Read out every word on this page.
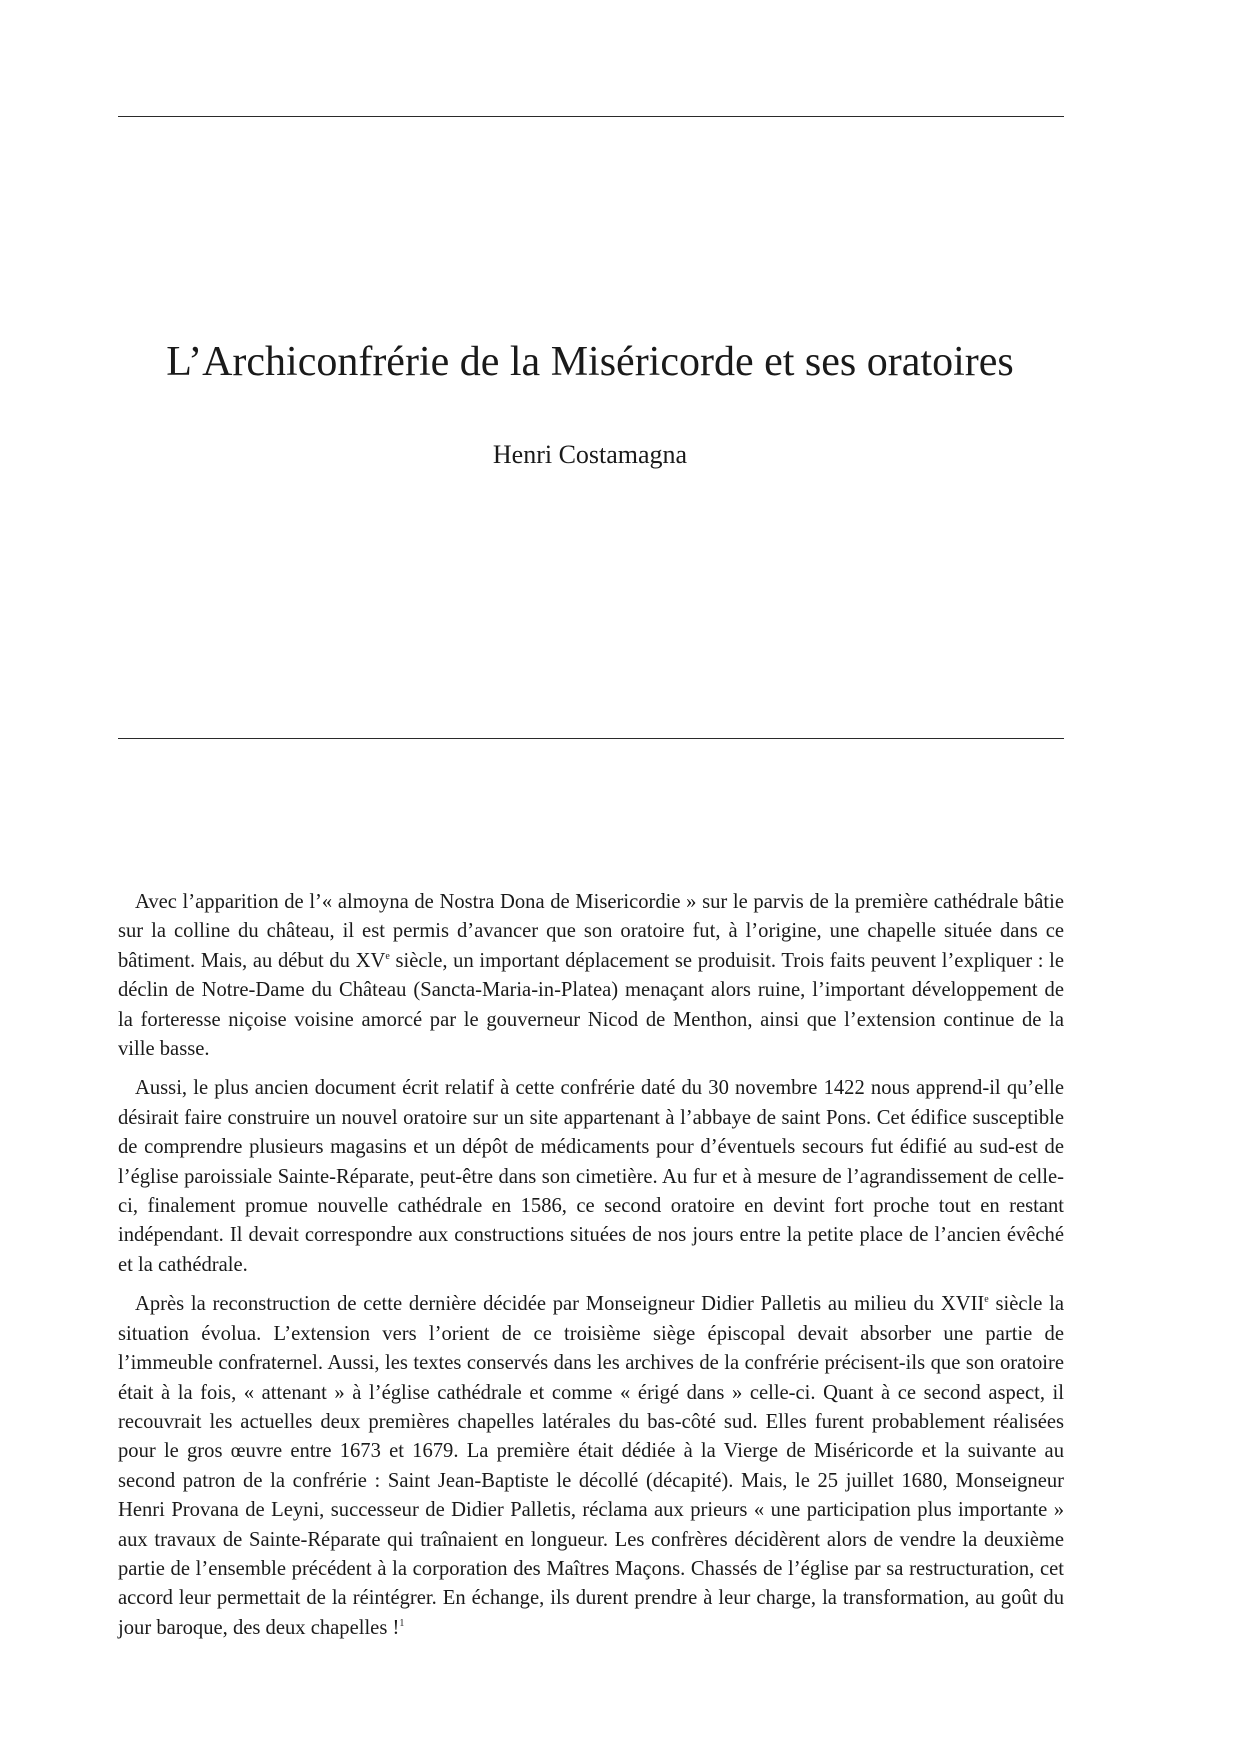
L’Archiconfrérie de la Miséricorde et ses oratoires
Henri Costamagna

Avec l’apparition de l’« almoyna de Nostra Dona de Misericordie » sur le parvis de la première cathédrale bâtie sur la colline du château, il est permis d’avancer que son oratoire fut, à l’origine, une chapelle située dans ce bâtiment. Mais, au début du XVe siècle, un important déplacement se produisit. Trois faits peuvent l’expliquer : le déclin de Notre-Dame du Château (Sancta-Maria-in-Platea) menaçant alors ruine, l’important développement de la forteresse niçoise voisine amorcé par le gouverneur Nicod de Menthon, ainsi que l’extension continue de la ville basse.

Aussi, le plus ancien document écrit relatif à cette confrérie daté du 30 novembre 1422 nous apprend-il qu’elle désirait faire construire un nouvel oratoire sur un site appartenant à l’abbaye de saint Pons. Cet édifice susceptible de comprendre plusieurs magasins et un dépôt de médicaments pour d’éventuels secours fut édifié au sud-est de l’église paroissiale Sainte-Réparate, peut-être dans son cimetière. Au fur et à mesure de l’agrandissement de celle-ci, finalement promue nouvelle cathédrale en 1586, ce second oratoire en devint fort proche tout en restant indépendant. Il devait correspondre aux constructions situées de nos jours entre la petite place de l’ancien évêché et la cathédrale.

Après la reconstruction de cette dernière décidée par Monseigneur Didier Palletis au milieu du XVIIe siècle la situation évolua. L’extension vers l’orient de ce troisième siège épiscopal devait absorber une partie de l’immeuble confraternel. Aussi, les textes conservés dans les archives de la confrérie précisent-ils que son oratoire était à la fois, « attenant » à l’église cathédrale et comme « érigé dans » celle-ci. Quant à ce second aspect, il recouvrait les actuelles deux premières chapelles latérales du bas-côté sud. Elles furent probablement réalisées pour le gros œuvre entre 1673 et 1679. La première était dédiée à la Vierge de Miséricorde et la suivante au second patron de la confrérie : Saint Jean-Baptiste le décollé (décapité). Mais, le 25 juillet 1680, Monseigneur Henri Provana de Leyni, successeur de Didier Palletis, réclama aux prieurs « une participation plus importante » aux travaux de Sainte-Réparate qui traînaient en longueur. Les confrères décidèrent alors de vendre la deuxième partie de l’ensemble précédent à la corporation des Maîtres Maçons. Chassés de l’église par sa restructuration, cet accord leur permettait de la réintégrer. En échange, ils durent prendre à leur charge, la transformation, au goût du jour baroque, des deux chapelles !$^1$
